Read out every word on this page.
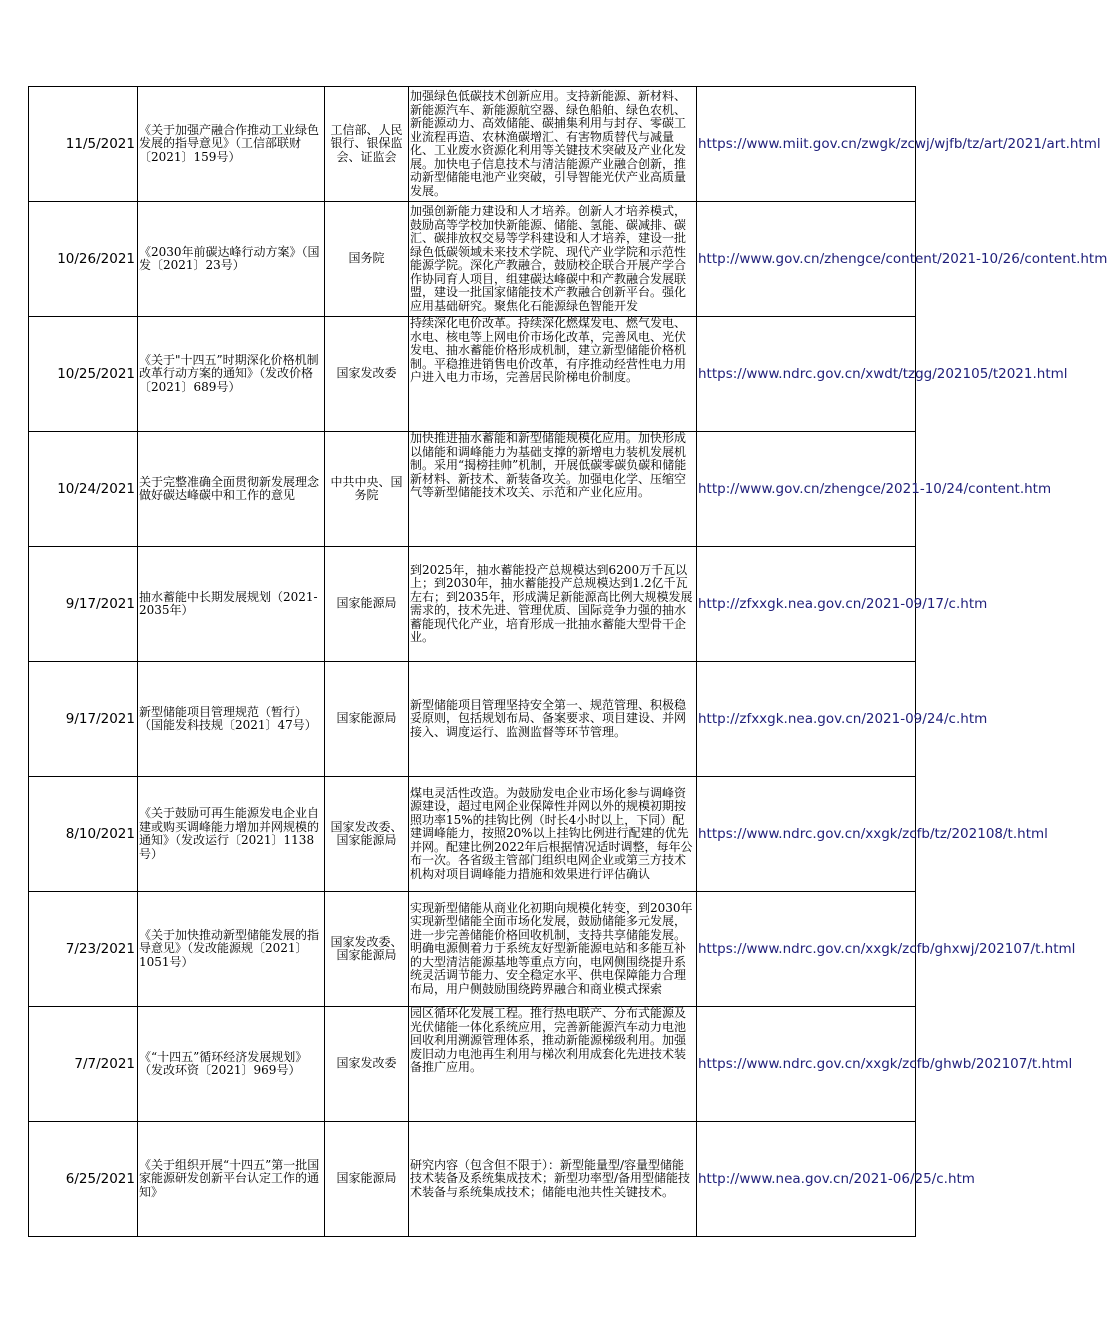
11/5/2021	《关于加强产融合作推动工业绿色发展的指导意见》（工信部联财〔2021〕159号）	工信部、人民银行、银保监会、证监会	加强绿色低碳技术创新应用。支持新能源、新材料、新能源汽车、新能源航空器、绿色船舶、绿色农机、新能源动力、高效储能、碳捕集利用与封存、零碳工业流程再造、农林渔碳增汇、有害物质替代与减量化、工业废水资源化利用等关键技术突破及产业化发展。加快电子信息技术与清洁能源产业融合创新，推动新型储能电池产业突破，引导智能光伏产业高质量发展。	https://www.miit.gov.cn/zwgk/zcwj/wjfb/tz/art/2021/art.html

10/26/2021	《2030年前碳达峰行动方案》（国发〔2021〕23号）	国务院	加强创新能力建设和人才培养。创新人才培养模式，鼓励高等学校加快新能源、储能、氢能、碳减排、碳汇、碳排放权交易等学科建设和人才培养，建设一批绿色低碳领域未来技术学院、现代产业学院和示范性能源学院。深化产教融合，鼓励校企联合开展产学合作协同育人项目，组建碳达峰碳中和产教融合发展联盟，建设一批国家储能技术产教融合创新平台。强化应用基础研究。聚焦化石能源绿色智能开发	http://www.gov.cn/zhengce/content/2021-10/26/content.htm

10/25/2021	《关于"十四五”时期深化价格机制改革行动方案的通知》（发改价格〔2021〕689号）	国家发改委	持续深化电价改革。持续深化燃煤发电、燃气发电、水电、核电等上网电价市场化改革，完善风电、光伏发电、抽水蓄能价格形成机制，建立新型储能价格机制。平稳推进销售电价改革，有序推动经营性电力用户进入电力市场，完善居民阶梯电价制度。	https://www.ndrc.gov.cn/xwdt/tzgg/202105/t2021.html

10/24/2021	关于完整准确全面贯彻新发展理念做好碳达峰碳中和工作的意见	中共中央、国务院	加快推进抽水蓄能和新型储能规模化应用。加快形成以储能和调峰能力为基础支撑的新增电力装机发展机制。采用“揭榜挂帅”机制，开展低碳零碳负碳和储能新材料、新技术、新装备攻关。加强电化学、压缩空气等新型储能技术攻关、示范和产业化应用。	http://www.gov.cn/zhengce/2021-10/24/content.htm

9/17/2021	抽水蓄能中长期发展规划（2021-2035年）	国家能源局	到2025年，抽水蓄能投产总规模达到6200万千瓦以上；到2030年，抽水蓄能投产总规模达到1.2亿千瓦左右；到2035年，形成满足新能源高比例大规模发展需求的，技术先进、管理优质、国际竞争力强的抽水蓄能现代化产业，培育形成一批抽水蓄能大型骨干企业。	http://zfxxgk.nea.gov.cn/2021-09/17/c.htm

9/17/2021	新型储能项目管理规范（暂行）（国能发科技规〔2021〕47号）	国家能源局	新型储能项目管理坚持安全第一、规范管理、积极稳妥原则，包括规划布局、备案要求、项目建设、并网接入、调度运行、监测监督等环节管理。	http://zfxxgk.nea.gov.cn/2021-09/24/c.htm

8/10/2021	《关于鼓励可再生能源发电企业自建或购买调峰能力增加并网规模的通知》（发改运行〔2021〕1138号）	国家发改委、国家能源局	煤电灵活性改造。为鼓励发电企业市场化参与调峰资源建设，超过电网企业保障性并网以外的规模初期按照功率15%的挂钩比例（时长4小时以上，下同）配建调峰能力，按照20%以上挂钩比例进行配建的优先并网。配建比例2022年后根据情况适时调整，每年公布一次。各省级主管部门组织电网企业或第三方技术机构对项目调峰能力措施和效果进行评估确认	https://www.ndrc.gov.cn/xxgk/zcfb/tz/202108/t.html

7/23/2021	《关于加快推动新型储能发展的指导意见》（发改能源规〔2021〕1051号）	国家发改委、国家能源局	实现新型储能从商业化初期向规模化转变，到2030年实现新型储能全面市场化发展，鼓励储能多元发展，进一步完善储能价格回收机制，支持共享储能发展。明确电源侧着力于系统友好型新能源电站和多能互补的大型清洁能源基地等重点方向，电网侧围绕提升系统灵活调节能力、安全稳定水平、供电保障能力合理布局，用户侧鼓励围绕跨界融合和商业模式探索	https://www.ndrc.gov.cn/xxgk/zcfb/ghxwj/202107/t.html

7/7/2021	《“十四五”循环经济发展规划》（发改环资〔2021〕969号）	国家发改委	园区循环化发展工程。推行热电联产、分布式能源及光伏储能一体化系统应用，完善新能源汽车动力电池回收利用溯源管理体系，推动新能源梯级利用。加强废旧动力电池再生利用与梯次利用成套化先进技术装备推广应用。	https://www.ndrc.gov.cn/xxgk/zcfb/ghwb/202107/t.html

6/25/2021	《关于组织开展“十四五”第一批国家能源研发创新平台认定工作的通知》	国家能源局	研究内容（包含但不限于）：新型能量型/容量型储能技术装备及系统集成技术；新型功率型/备用型储能技术装备与系统集成技术；储能电池共性关键技术。	http://www.nea.gov.cn/2021-06/25/c.htm
